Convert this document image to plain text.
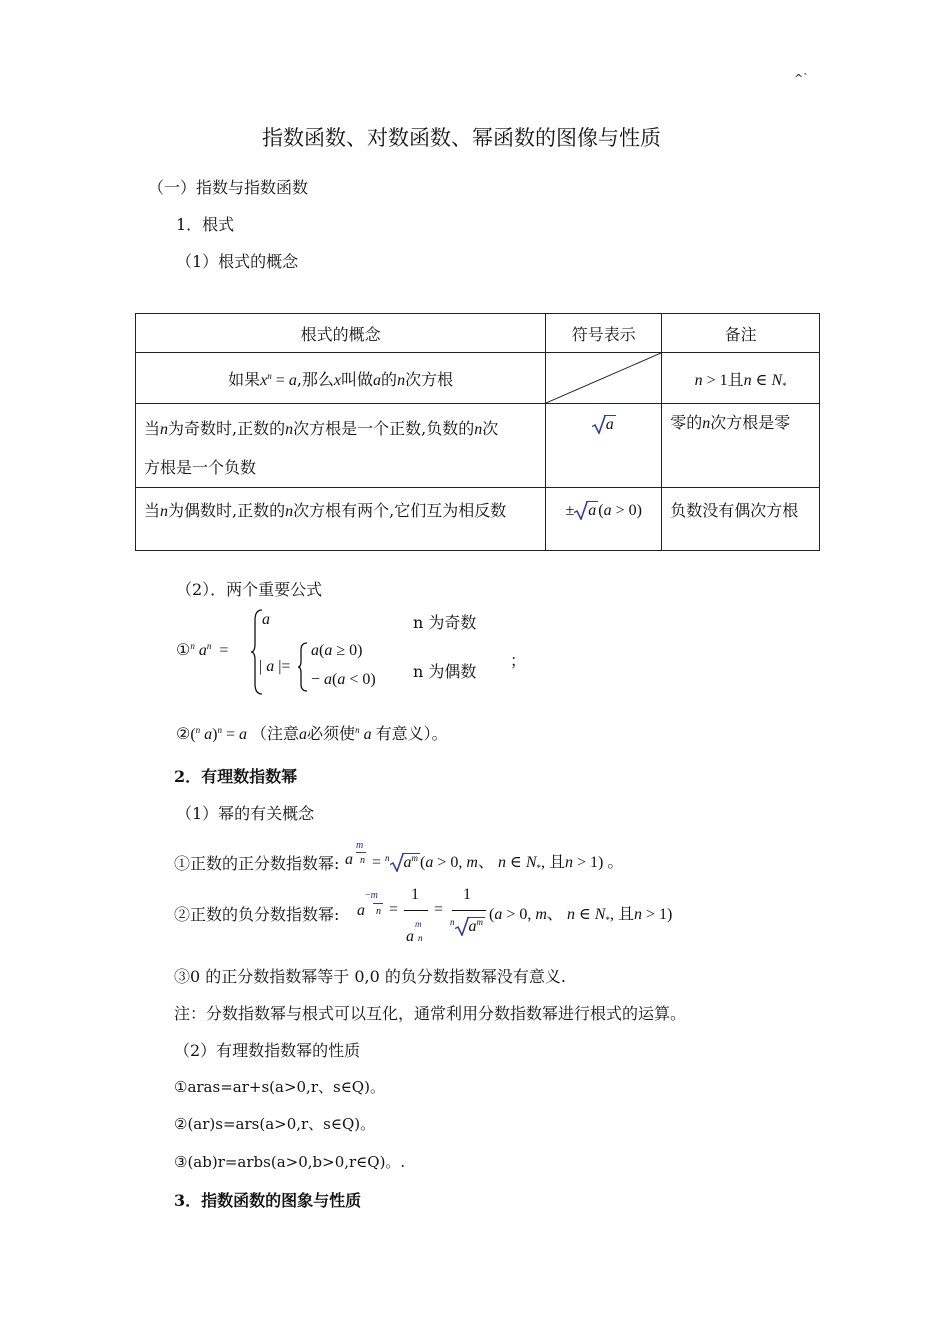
^`
指数函数、对数函数、幂函数的图像与性质
（一）指数与指数函数
1．根式
（1）根式的概念
根式的概念	符号表示	备注
如果$x^n = a$,那么x叫做a的n次方根		n > 1且n ∈ $N_*$
当n为奇数时,正数的n次方根是一个正数,负数的n次
方根是一个负数	a	零的n次方根是零
当n为偶数时,正数的n次方根有两个,它们互为相反数	± a (a > 0)	负数没有偶次方根
（2）．两个重要公式
①$^n$ $a^n$  =
a	n 为奇数
| a |=
a(a ≥ 0)
− a(a < 0) n 为偶数
；
②($^n$ a)$^n$ = a （注意a必须使$^n$ a 有意义）。
2．有理数指数幂
（1）幂的有关概念
①正数的正分数指数幂: a
m
n = $^n$ $a^m$ (a > 0, m、 n ∈ $N_*$, 且n > 1) 。
②正数的负分数指数幂: a
−m
n =
1
a
m
n
=
1
$^n$ $a^m$ (a > 0, m、 n ∈ $N_*$, 且n > 1)
③0 的正分数指数幂等于 0,0 的负分数指数幂没有意义.
注：分数指数幂与根式可以互化，通常利用分数指数幂进行根式的运算。
（2）有理数指数幂的性质
①aras=ar+s(a>0,r、s∈Q)。
②(ar)s=ars(a>0,r、s∈Q)。
③(ab)r=arbs(a>0,b>0,r∈Q)。.
3．指数函数的图象与性质
